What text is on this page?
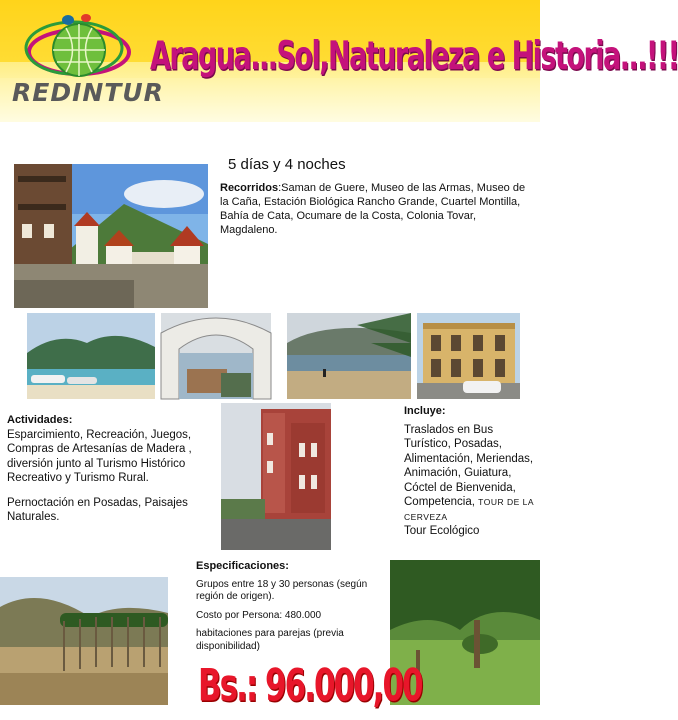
REDINTUR
Aragua...Sol,Naturaleza e Historia...!!!
5 días y 4 noches
Recorridos:Saman de Guere, Museo de las Armas, Museo de la Caña, Estación Biológica Rancho Grande, Cuartel Montilla, Bahía de Cata, Ocumare de la Costa, Colonia Tovar, Magdaleno.
Actividades:
Esparcimiento, Recreación, Juegos, Compras de Artesanías de Madera , diversión junto al Turismo Histórico Recreativo y Turismo Rural.
Pernoctación en Posadas, Paisajes Naturales.
Incluye:
Traslados en Bus Turístico, Posadas, Alimentación, Meriendas, Animación, Guiatura, Cóctel de Bienvenida, Competencia, TOUR DE LA CERVEZA
Tour Ecológico
Especificaciones:
Grupos entre 18 y 30 personas (según región de origen).
Costo por Persona: 480.000
habitaciones para parejas (previa disponibilidad)
Bs.: 96.000,00
